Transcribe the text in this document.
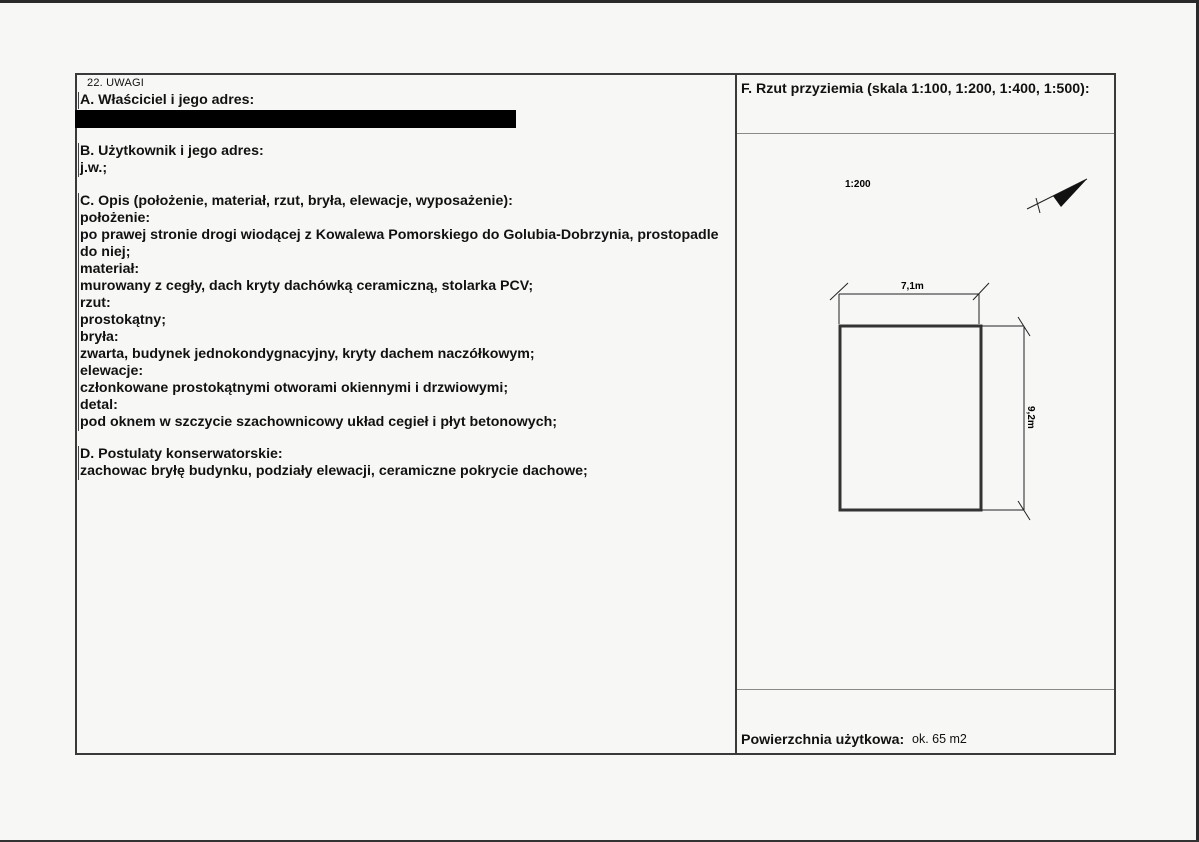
22. UWAGI
A. Właściciel i jego adres:
B. Użytkownik i jego adres:
j.w.;
C. Opis (położenie, materiał, rzut, bryła, elewacje, wyposażenie):
położenie:
po prawej stronie drogi wiodącej z Kowalewa Pomorskiego do Golubia-Dobrzynia, prostopadle
do niej;
materiał:
murowany z cegły, dach kryty dachówką ceramiczną, stolarka PCV;
rzut:
prostokątny;
bryła:
zwarta, budynek jednokondygnacyjny, kryty dachem naczółkowym;
elewacje:
członkowane prostokątnymi otworami okiennymi i drzwiowymi;
detal:
pod oknem w szczycie szachownicowy układ cegieł i płyt betonowych;
D. Postulaty konserwatorskie:
zachowac bryłę budynku, podziały elewacji, ceramiczne pokrycie dachowe;
F. Rzut przyziemia (skala 1:100, 1:200, 1:400, 1:500):
1:200
7,1m
9,2m
Powierzchnia użytkowa: ok. 65 m2
